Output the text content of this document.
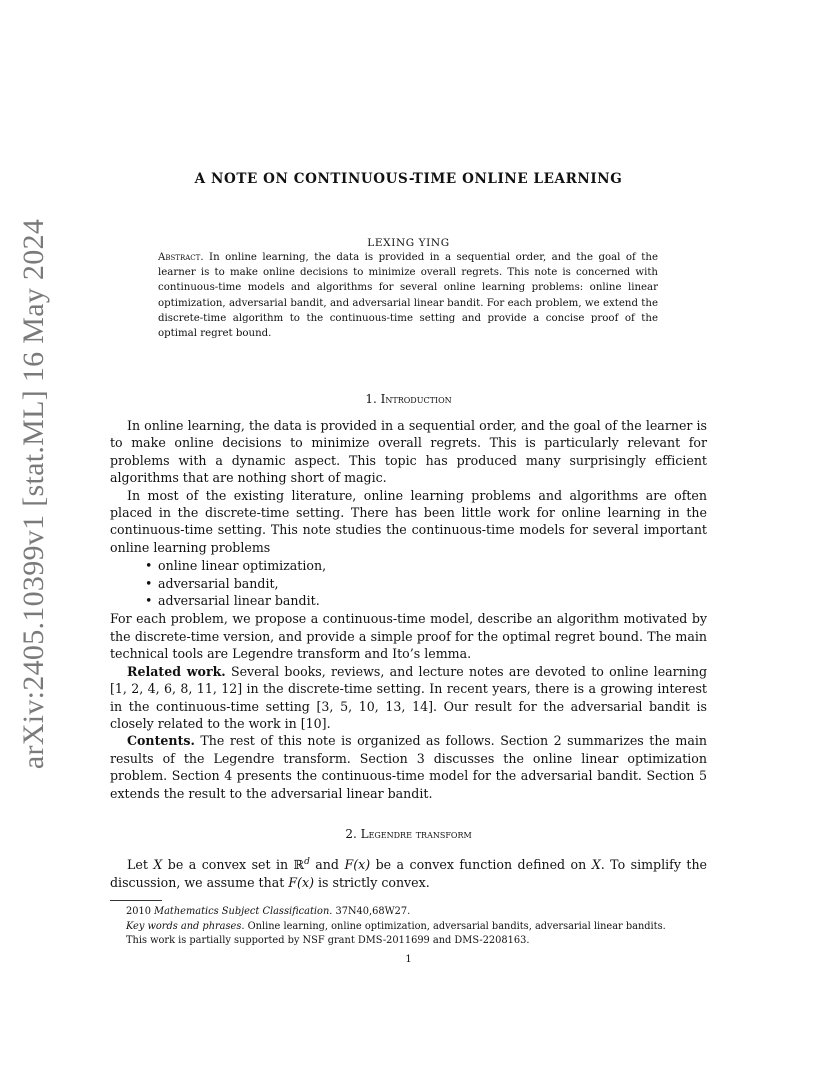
arXiv:2405.10399v1 [stat.ML] 16 May 2024
A NOTE ON CONTINUOUS-TIME ONLINE LEARNING
LEXING YING
Abstract. In online learning, the data is provided in a sequential order, and the goal of the learner is to make online decisions to minimize overall regrets. This note is concerned with continuous-time models and algorithms for several online learning problems: online linear optimization, adversarial bandit, and adversarial linear bandit. For each problem, we extend the discrete-time algorithm to the continuous-time setting and provide a concise proof of the optimal regret bound.
1. Introduction

In online learning, the data is provided in a sequential order, and the goal of the learner is to make online decisions to minimize overall regrets. This is particularly relevant for problems with a dynamic aspect. This topic has produced many surprisingly efficient algorithms that are nothing short of magic.

In most of the existing literature, online learning problems and algorithms are often placed in the discrete-time setting. There has been little work for online learning in the continuous-time setting. This note studies the continuous-time models for several important online learning problems

• online linear optimization,
• adversarial bandit,
• adversarial linear bandit.

For each problem, we propose a continuous-time model, describe an algorithm motivated by the discrete-time version, and provide a simple proof for the optimal regret bound. The main technical tools are Legendre transform and Ito’s lemma.

Related work. Several books, reviews, and lecture notes are devoted to online learning [1, 2, 4, 6, 8, 11, 12] in the discrete-time setting. In recent years, there is a growing interest in the continuous-time setting [3, 5, 10, 13, 14]. Our result for the adversarial bandit is closely related to the work in [10].

Contents. The rest of this note is organized as follows. Section 2 summarizes the main results of the Legendre transform. Section 3 discusses the online linear optimization problem. Section 4 presents the continuous-time model for the adversarial bandit. Section 5 extends the result to the adversarial linear bandit.

2. Legendre transform

Let X be a convex set in ℝ$^d$ and F(x) be a convex function defined on X. To simplify the discussion, we assume that F(x) is strictly convex.

2010 Mathematics Subject Classification. 37N40,68W27.

Key words and phrases. Online learning, online optimization, adversarial bandits, adversarial linear bandits.

This work is partially supported by NSF grant DMS-2011699 and DMS-2208163.

1
